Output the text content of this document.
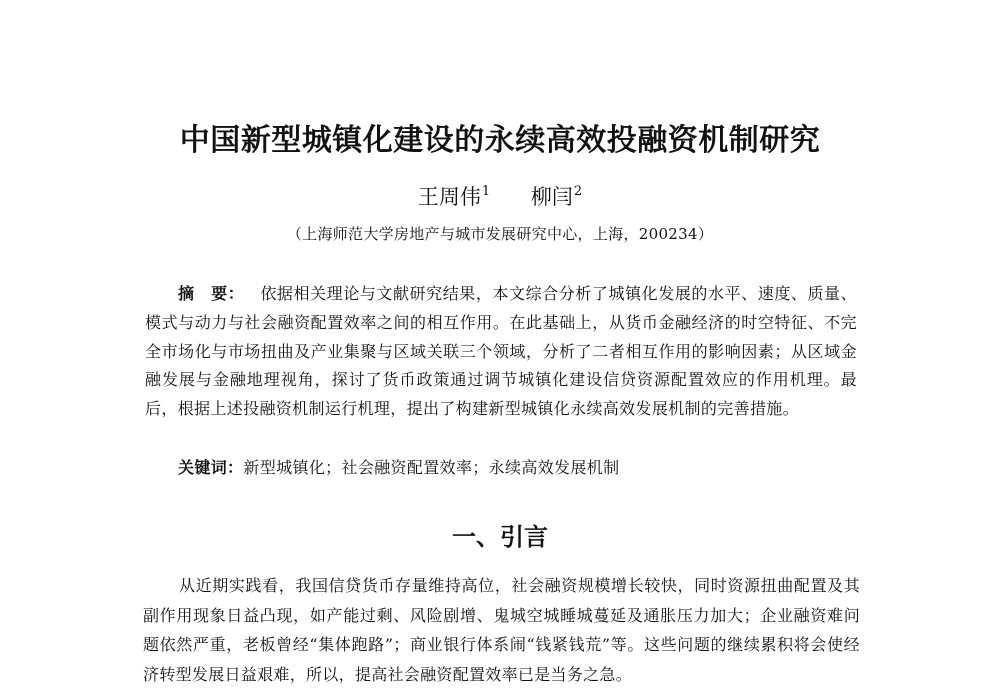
中国新型城镇化建设的永续高效投融资机制研究
王周伟$^1$ 柳闫$^2$
（上海师范大学房地产与城市发展研究中心，上海，200234）

摘　要： 依据相关理论与文献研究结果，本文综合分析了城镇化发展的水平、速度、质量、模式与动力与社会融资配置效率之间的相互作用。在此基础上，从货币金融经济的时空特征、不完全市场化与市场扭曲及产业集聚与区域关联三个领域，分析了二者相互作用的影响因素；从区域金融发展与金融地理视角，探讨了货币政策通过调节城镇化建设信贷资源配置效应的作用机理。最后，根据上述投融资机制运行机理，提出了构建新型城镇化永续高效发展机制的完善措施。

关键词：新型城镇化；社会融资配置效率；永续高效发展机制
一、引言

从近期实践看，我国信贷货币存量维持高位，社会融资规模增长较快，同时资源扭曲配置及其副作用现象日益凸现，如产能过剩、风险剧增、鬼城空城睡城蔓延及通胀压力加大；企业融资难问题依然严重，老板曾经“集体跑路”；商业银行体系闹“钱紧钱荒”等。这些问题的继续累积将会使经济转型发展日益艰难，所以，提高社会融资配置效率已是当务之急。
